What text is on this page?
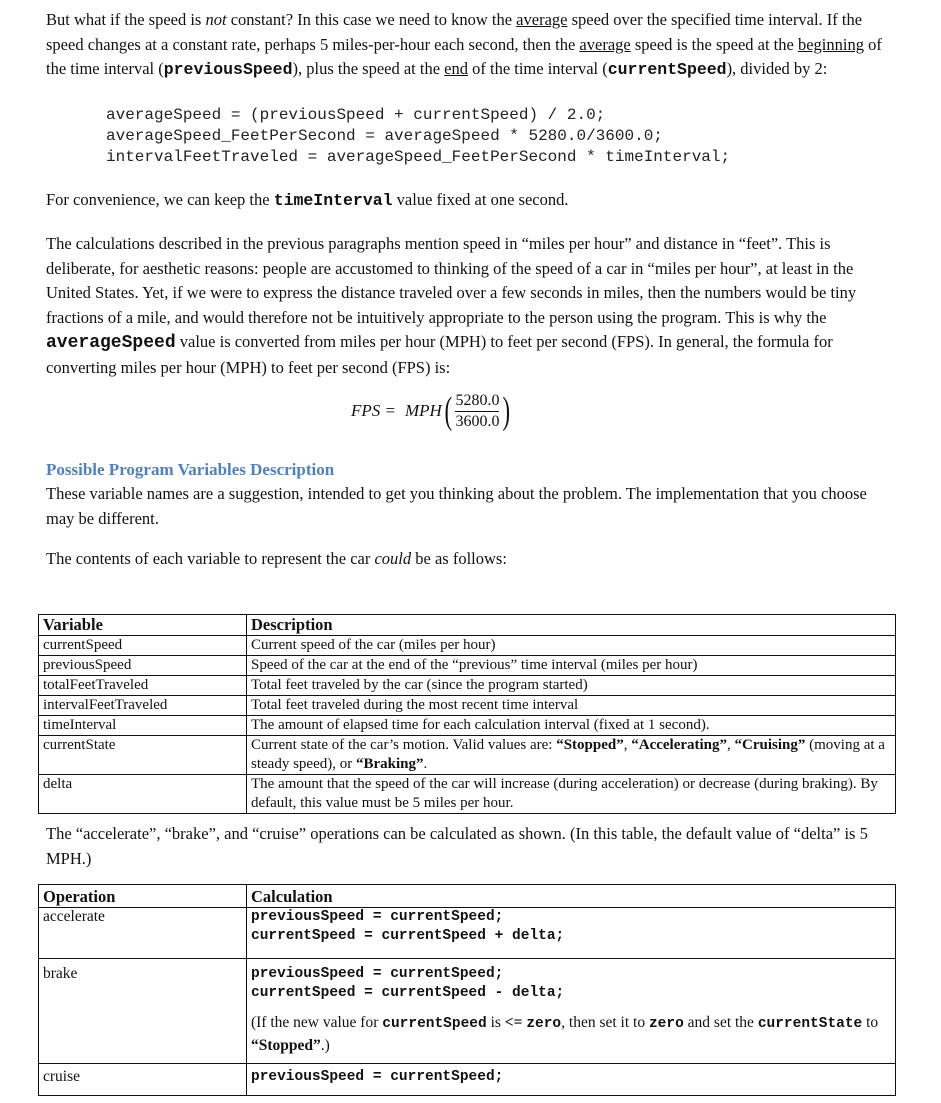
But what if the speed is not constant? In this case we need to know the average speed over the specified time interval. If the speed changes at a constant rate, perhaps 5 miles-per-hour each second, then the average speed is the speed at the beginning of the time interval (previousSpeed), plus the speed at the end of the time interval (currentSpeed), divided by 2:

averageSpeed = (previousSpeed + currentSpeed) / 2.0;
averageSpeed_FeetPerSecond = averageSpeed * 5280.0/3600.0;
intervalFeetTraveled = averageSpeed_FeetPerSecond * timeInterval;

For convenience, we can keep the timeInterval value fixed at one second.

The calculations described in the previous paragraphs mention speed in “miles per hour” and distance in “feet”. This is deliberate, for aesthetic reasons: people are accustomed to thinking of the speed of a car in “miles per hour”, at least in the United States. Yet, if we were to express the distance traveled over a few seconds in miles, then the numbers would be tiny fractions of a mile, and would therefore not be intuitively appropriate to the person using the program. This is why the averageSpeed value is converted from miles per hour (MPH) to feet per second (FPS). In general, the formula for converting miles per hour (MPH) to feet per second (FPS) is:

FPS = MPH ( $\frac{5280.0}{3600.0}$ )

Possible Program Variables Description

These variable names are a suggestion, intended to get you thinking about the problem. The implementation that you choose may be different.

The contents of each variable to represent the car could be as follows:

Variable	Description
currentSpeed	Current speed of the car (miles per hour)
previousSpeed	Speed of the car at the end of the “previous” time interval (miles per hour)
totalFeetTraveled	Total feet traveled by the car (since the program started)
intervalFeetTraveled	Total feet traveled during the most recent time interval
timeInterval	The amount of elapsed time for each calculation interval (fixed at 1 second).
currentState	Current state of the car’s motion. Valid values are: “Stopped”, “Accelerating”, “Cruising” (moving at a steady speed), or “Braking”.
delta	The amount that the speed of the car will increase (during acceleration) or decrease (during braking). By default, this value must be 5 miles per hour.

The “accelerate”, “brake”, and “cruise” operations can be calculated as shown. (In this table, the default value of “delta” is 5 MPH.)

Operation	Calculation
accelerate	previousSpeed = currentSpeed;
currentSpeed = currentSpeed + delta;

brake	previousSpeed = currentSpeed;
currentSpeed = currentSpeed - delta;
(If the new value for currentSpeed is <= zero, then set it to zero and set the currentState to “Stopped”.)

cruise	previousSpeed = currentSpeed;
